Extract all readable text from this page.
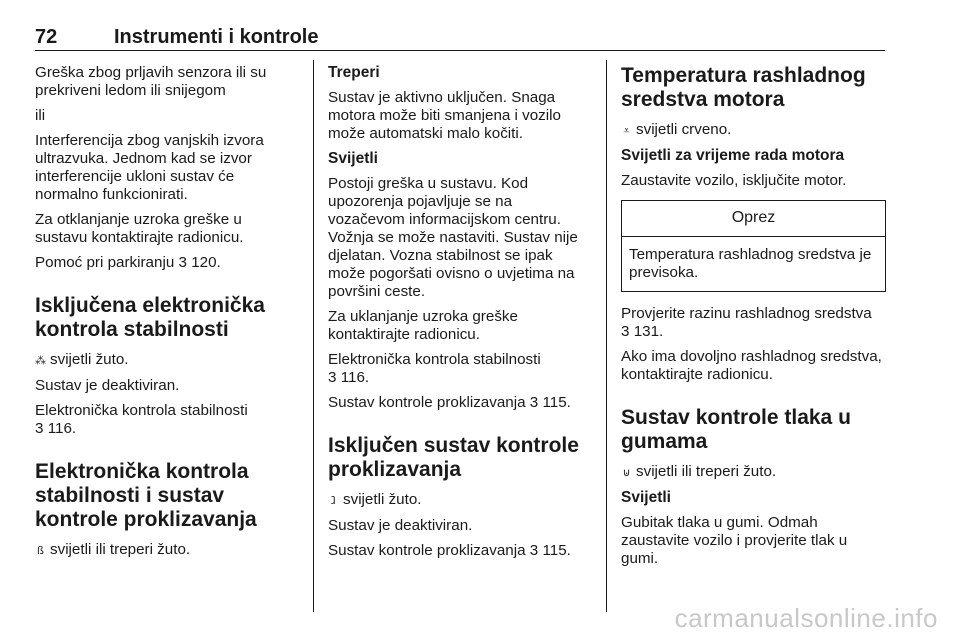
72	Instrumenti i kontrole

Greška zbog prljavih senzora ili su prekriveni ledom ili snijegom

ili

Interferencija zbog vanjskih izvora ultrazvuka. Jednom kad se izvor interferencije ukloni sustav će normalno funkcionirati.

Za otklanjanje uzroka greške u sustavu kontaktirajte radionicu.

Pomoć pri parkiranju 3 120.

Isključena elektronička kontrola stabilnosti

⁂ svijetli žuto.

Sustav je deaktiviran.

Elektronička kontrola stabilnosti
3 116.

Elektronička kontrola stabilnosti i sustav kontrole proklizavanja

ß svijetli ili treperi žuto.

Treperi

Sustav je aktivno uključen. Snaga motora može biti smanjena i vozilo može automatski malo kočiti.

Svijetli

Postoji greška u sustavu. Kod upozorenja pojavljuje se na vozačevom informacijskom centru. Vožnja se može nastaviti. Sustav nije djelatan. Vozna stabilnost se ipak može pogoršati ovisno o uvjetima na površini ceste.

Za uklanjanje uzroka greške kontaktirajte radionicu.

Elektronička kontrola stabilnosti
3 116.

Sustav kontrole proklizavanja 3 115.

Isključen sustav kontrole proklizavanja

ⱹ svijetli žuto.

Sustav je deaktiviran.

Sustav kontrole proklizavanja 3 115.

Temperatura rashladnog sredstva motora

⩡ svijetli crveno.

Svijetli za vrijeme rada motora

Zaustavite vozilo, isključite motor.

Oprez
Temperatura rashladnog sredstva je previsoka.

Provjerite razinu rashladnog sredstva
3 131.

Ako ima dovoljno rashladnog sredstva, kontaktirajte radionicu.

Sustav kontrole tlaka u gumama

⊍ svijetli ili treperi žuto.

Svijetli

Gubitak tlaka u gumi. Odmah zaustavite vozilo i provjerite tlak u gumi.

carmanualsonline.info
